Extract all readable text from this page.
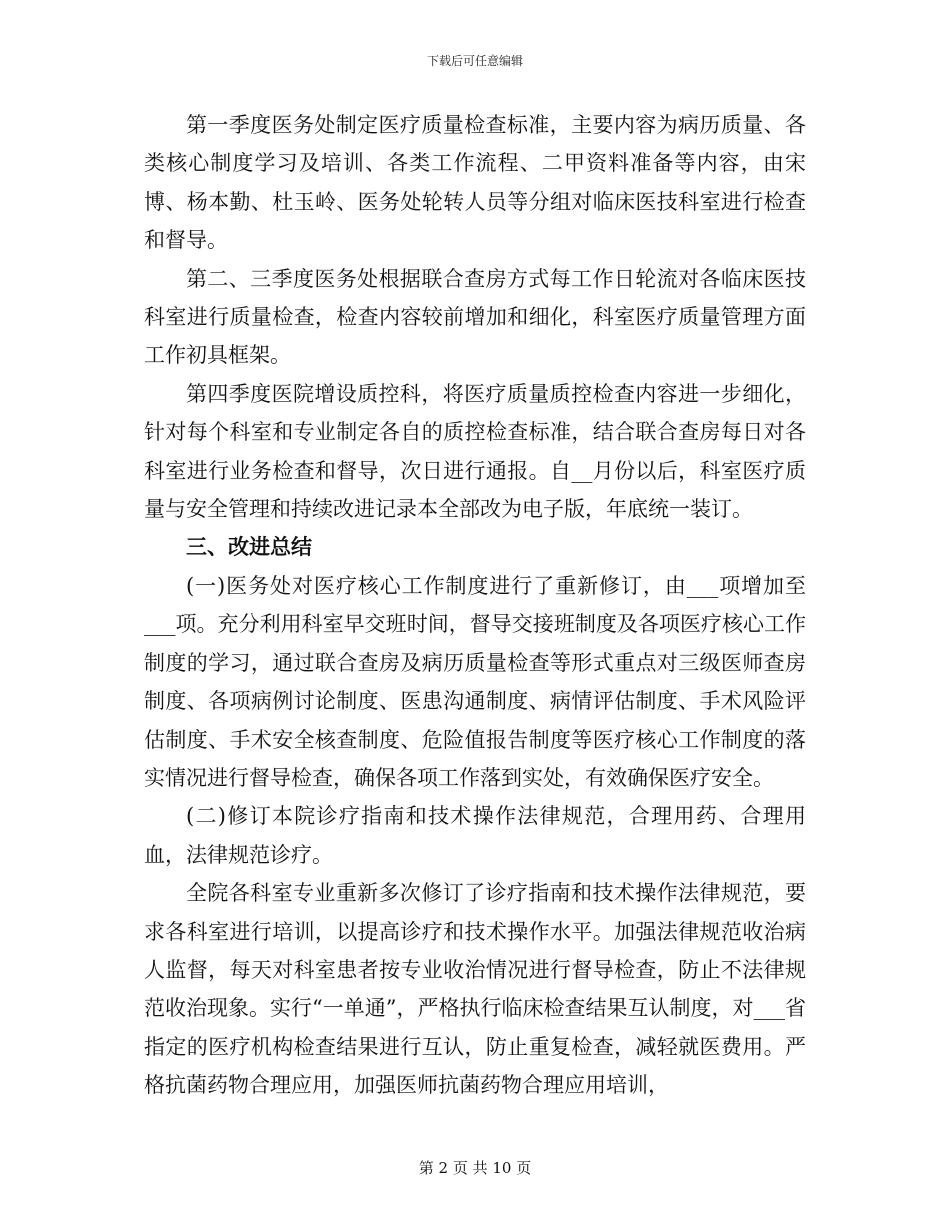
下载后可任意编辑

第一季度医务处制定医疗质量检查标准，主要内容为病历质量、各类核心制度学习及培训、各类工作流程、二甲资料准备等内容，由宋博、杨本勤、杜玉岭、医务处轮转人员等分组对临床医技科室进行检查和督导。

第二、三季度医务处根据联合查房方式每工作日轮流对各临床医技科室进行质量检查，检查内容较前增加和细化，科室医疗质量管理方面工作初具框架。

第四季度医院增设质控科，将医疗质量质控检查内容进一步细化，针对每个科室和专业制定各自的质控检查标准，结合联合查房每日对各科室进行业务检查和督导，次日进行通报。自__月份以后，科室医疗质量与安全管理和持续改进记录本全部改为电子版，年底统一装订。

三、改进总结

(一)医务处对医疗核心工作制度进行了重新修订，由___项增加至___项。充分利用科室早交班时间，督导交接班制度及各项医疗核心工作制度的学习，通过联合查房及病历质量检查等形式重点对三级医师查房制度、各项病例讨论制度、医患沟通制度、病情评估制度、手术风险评估制度、手术安全核查制度、危险值报告制度等医疗核心工作制度的落实情况进行督导检查，确保各项工作落到实处，有效确保医疗安全。

(二)修订本院诊疗指南和技术操作法律规范，合理用药、合理用血，法律规范诊疗。

全院各科室专业重新多次修订了诊疗指南和技术操作法律规范，要求各科室进行培训，以提高诊疗和技术操作水平。加强法律规范收治病人监督，每天对科室患者按专业收治情况进行督导检查，防止不法律规范收治现象。实行“一单通”，严格执行临床检查结果互认制度，对___省指定的医疗机构检查结果进行互认，防止重复检查，减轻就医费用。严格抗菌药物合理应用，加强医师抗菌药物合理应用培训，

第 2 页 共 10 页
